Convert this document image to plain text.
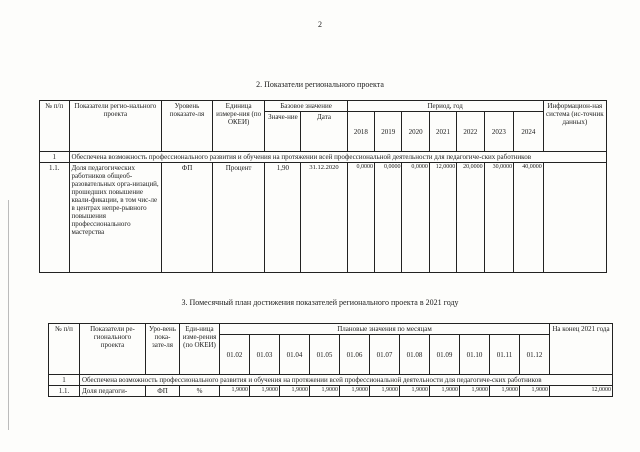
2
2. Показатели регионального проекта
№ п/п	Показатели регио-нального проекта	Уровень показате-ля	Единица измере-ния (по ОКЕИ)	Базовое значение		Период, год							Информацион-ная система (ис-точник данных)
				Значе-ние	Дата	2018	2019	2020	2021	2022	2023	2024	
1	Обеспечена возможность профессионального развития и обучения на протяжении всей профессиональной деятельности для педагогиче-ских работников												
1.1.	Доля педагогических работников общеоб-разовательных орга-низаций, прошедших повышение квали-фикации, в том чис-ле в центрах непре-рывного повышения профессионального мастерства	ФП	Процент	1,90	31.12.2020	0,0000	0,0000	0,0000	12,0000	20,0000	30,0000	40,0000	
3. Помесячный план достижения показателей регионального проекта в 2021 году
№ п/п	Показатели ре-гионального проекта	Уро-вень пока-зате-ля	Еди-ница изме-рения (по ОКЕИ)	Плановые значения по месяцам											На конец 2021 года
				01.02	01.03	01.04	01.05	01.06	01.07	01.08	01.09	01.10	01.11	01.12	
1	Обеспечена возможность профессионального развития и обучения на протяжении всей профессиональной деятельности для педагогиче-ских работников														
1.1.	Доля педагоги-	ФП	%	1,9000	1,9000	1,9000	1,9000	1,9000	1,9000	1,9000	1,9000	1,9000	1,9000	1,9000	12,0000
